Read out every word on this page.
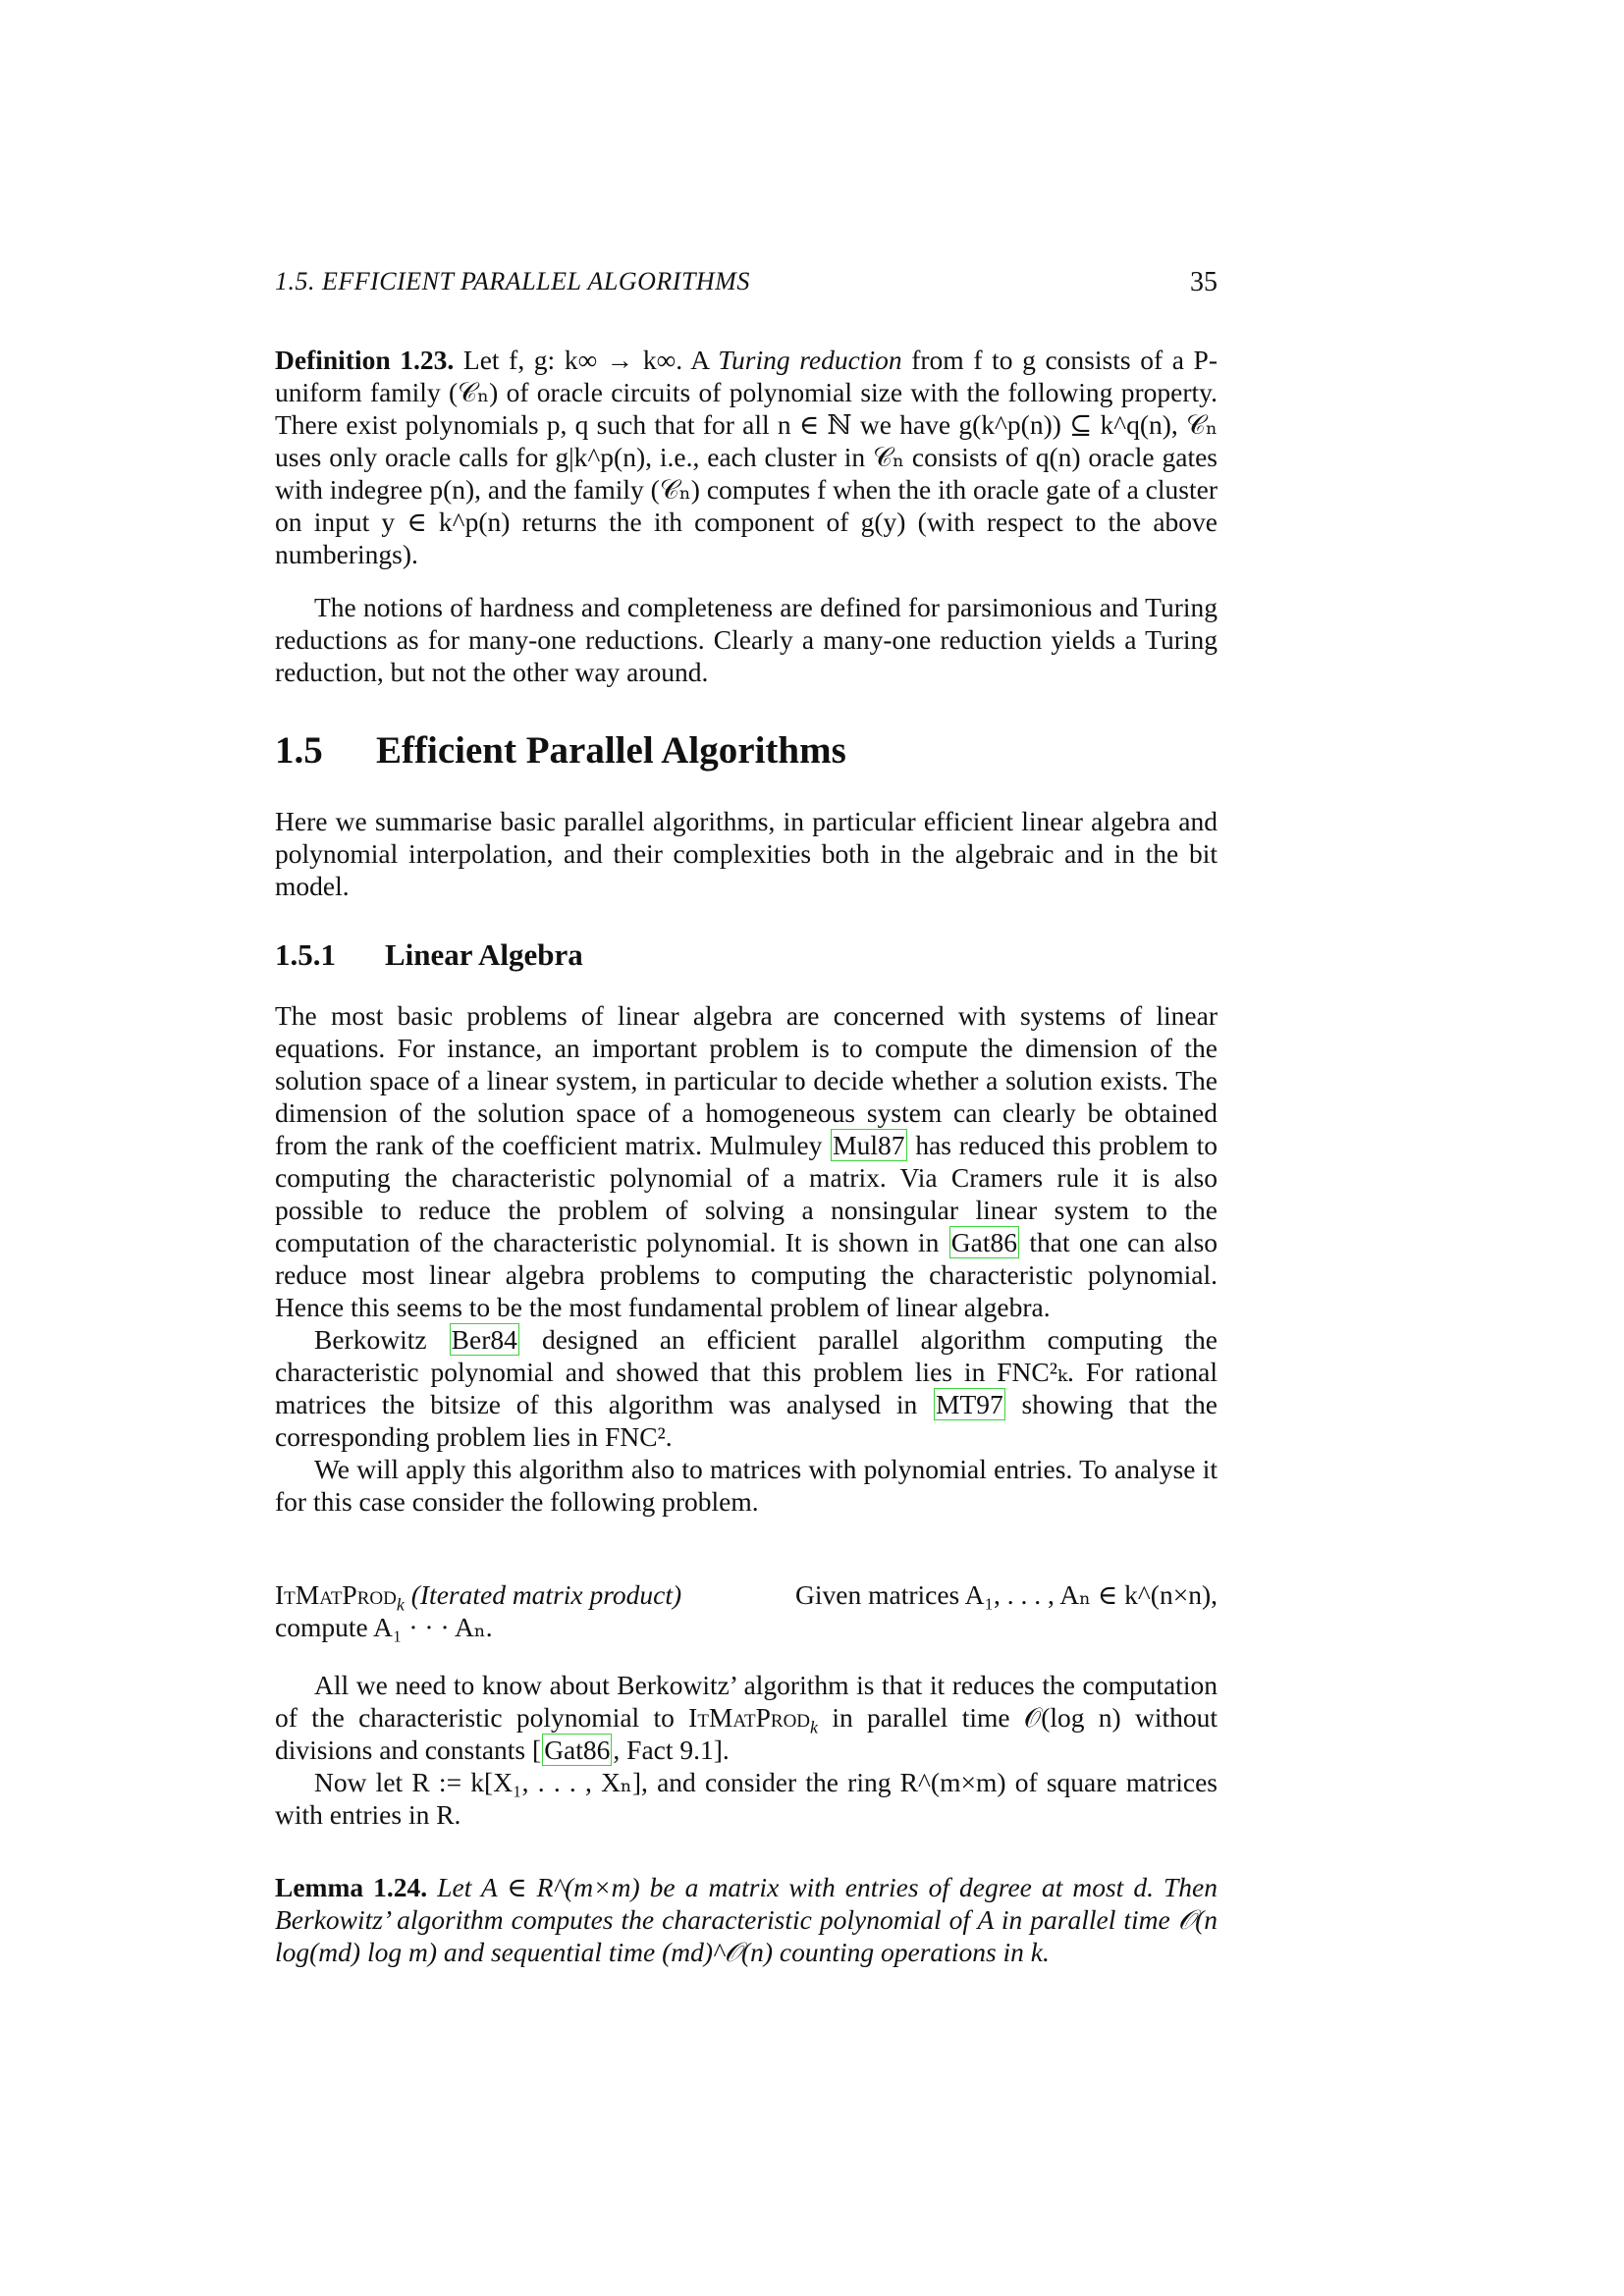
1.5. EFFICIENT PARALLEL ALGORITHMS	35

Definition 1.23. Let f, g: k∞ → k∞. A Turing reduction from f to g consists of a P-uniform family (𝒞ₙ) of oracle circuits of polynomial size with the following property. There exist polynomials p, q such that for all n ∈ ℕ we have g(k^p(n)) ⊆ k^q(n), 𝒞ₙ uses only oracle calls for g|k^p(n), i.e., each cluster in 𝒞ₙ consists of q(n) oracle gates with indegree p(n), and the family (𝒞ₙ) computes f when the ith oracle gate of a cluster on input y ∈ k^p(n) returns the ith component of g(y) (with respect to the above numberings).

The notions of hardness and completeness are defined for parsimonious and Turing reductions as for many-one reductions. Clearly a many-one reduction yields a Turing reduction, but not the other way around.

1.5 Efficient Parallel Algorithms

Here we summarise basic parallel algorithms, in particular efficient linear algebra and polynomial interpolation, and their complexities both in the algebraic and in the bit model.

1.5.1 Linear Algebra

The most basic problems of linear algebra are concerned with systems of linear equations. For instance, an important problem is to compute the dimension of the solution space of a linear system, in particular to decide whether a solution exists. The dimension of the solution space of a homogeneous system can clearly be obtained from the rank of the coefficient matrix. Mulmuley Mul87 has reduced this problem to computing the characteristic polynomial of a matrix. Via Cramers rule it is also possible to reduce the problem of solving a nonsingular linear system to the computation of the characteristic polynomial. It is shown in Gat86 that one can also reduce most linear algebra problems to computing the characteristic polynomial. Hence this seems to be the most fundamental problem of linear algebra.

Berkowitz Ber84 designed an efficient parallel algorithm computing the characteristic polynomial and showed that this problem lies in FNC²ₖ. For rational matrices the bitsize of this algorithm was analysed in MT97 showing that the corresponding problem lies in FNC².

We will apply this algorithm also to matrices with polynomial entries. To analyse it for this case consider the following problem.

ItMatProd$_k$ (Iterated matrix product)	Given matrices A₁, . . . , Aₙ ∈ k^(n×n),
compute A₁ · · · Aₙ.

All we need to know about Berkowitz’ algorithm is that it reduces the computation of the characteristic polynomial to ItMatProd$_k$ in parallel time 𝒪(log n) without divisions and constants [ Gat86 , Fact 9.1].

Now let R := k[X₁, . . . , Xₙ], and consider the ring R^(m×m) of square matrices with entries in R.

Lemma 1.24. Let A ∈ R^(m×m) be a matrix with entries of degree at most d. Then Berkowitz’ algorithm computes the characteristic polynomial of A in parallel time 𝒪(n log(md) log m) and sequential time (md)^𝒪(n) counting operations in k.
